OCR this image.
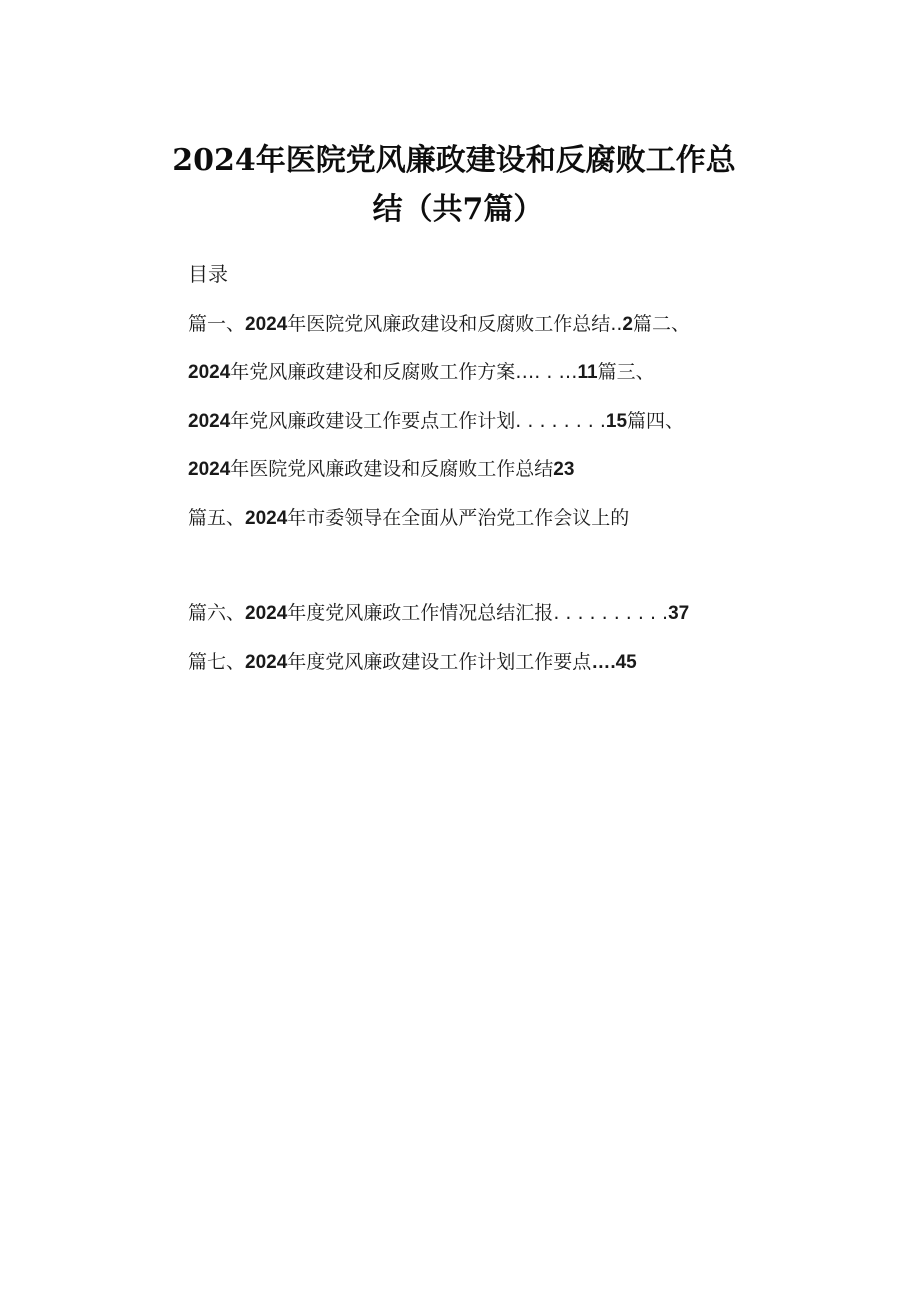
2024年医院党风廉政建设和反腐败工作总
结（共7篇）
目录
篇一、2024年医院党风廉政建设和反腐败工作总结..2篇二、
2024年党风廉政建设和反腐败工作方案…. . …11篇三、
2024年党风廉政建设工作要点工作计划. . . . . . . .15篇四、
2024年医院党风廉政建设和反腐败工作总结23
篇五、2024年市委领导在全面从严治党工作会议上的
篇六、2024年度党风廉政工作情况总结汇报. . . . . . . . . .37
篇七、2024年度党风廉政建设工作计划工作要点….45
